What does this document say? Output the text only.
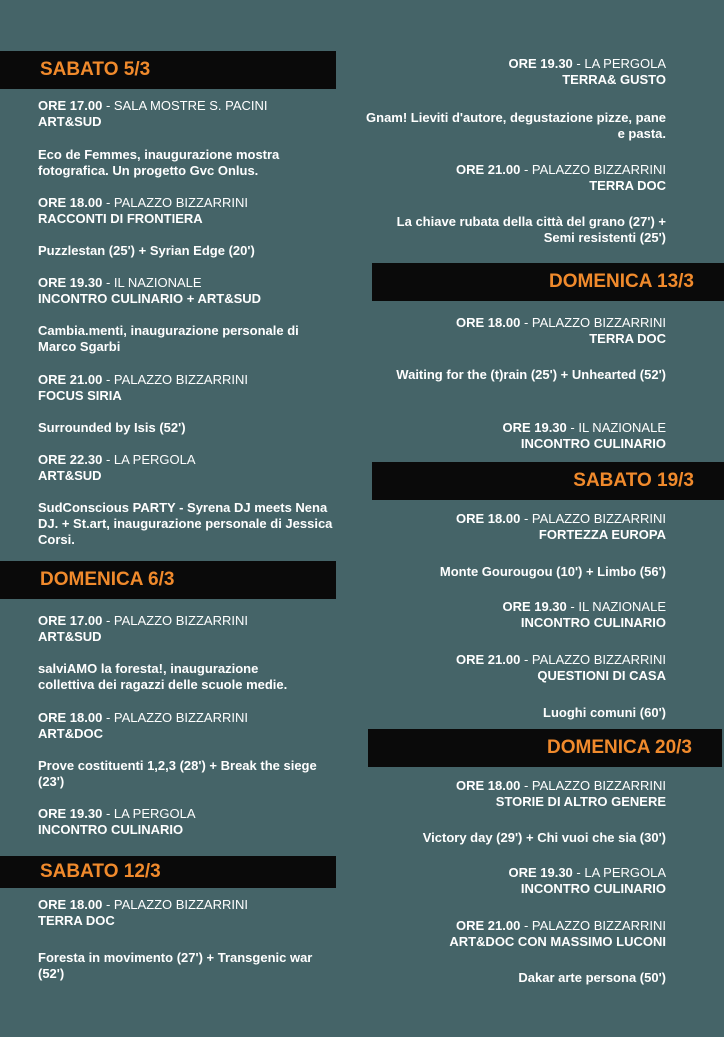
SABATO 5/3
ORE 17.00 - SALA MOSTRE S. PACINI
ART&SUD
Eco de Femmes, inaugurazione mostra fotografica. Un progetto Gvc Onlus.
ORE 18.00 - PALAZZO BIZZARRINI
RACCONTI DI FRONTIERA
Puzzlestan (25') + Syrian Edge (20')
ORE 19.30 - IL NAZIONALE
INCONTRO CULINARIO + ART&SUD
Cambia.menti, inaugurazione personale di Marco Sgarbi
ORE 21.00 - PALAZZO BIZZARRINI
FOCUS SIRIA
Surrounded by Isis (52')
ORE 22.30 - LA PERGOLA
ART&SUD
SudConscious PARTY - Syrena DJ meets Nena DJ. + St.art, inaugurazione personale di Jessica Corsi.
DOMENICA 6/3
ORE 17.00 - PALAZZO BIZZARRINI
ART&SUD
salviAMO la foresta!, inaugurazione collettiva dei ragazzi delle scuole medie.
ORE 18.00 - PALAZZO BIZZARRINI
ART&DOC
Prove costituenti 1,2,3 (28') + Break the siege (23')
ORE 19.30 - LA PERGOLA
INCONTRO CULINARIO
SABATO 12/3
ORE 18.00 - PALAZZO BIZZARRINI
TERRA DOC
Foresta in movimento (27') + Transgenic war (52')
ORE 19.30 - LA PERGOLA
TERRA& GUSTO
Gnam! Lieviti d'autore, degustazione pizze, pane e pasta.
ORE 21.00 - PALAZZO BIZZARRINI
TERRA DOC
La chiave rubata della città del grano (27') + Semi resistenti (25')
DOMENICA 13/3
ORE 18.00 - PALAZZO BIZZARRINI
TERRA DOC
Waiting for the (t)rain (25') + Unhearted (52')
ORE 19.30 - IL NAZIONALE
INCONTRO CULINARIO
SABATO 19/3
ORE 18.00 - PALAZZO BIZZARRINI
FORTEZZA EUROPA
Monte Gourougou (10') + Limbo (56')
ORE 19.30 - IL NAZIONALE
INCONTRO CULINARIO
ORE 21.00 - PALAZZO BIZZARRINI
QUESTIONI DI CASA
Luoghi comuni (60')
DOMENICA 20/3
ORE 18.00 - PALAZZO BIZZARRINI
STORIE DI ALTRO GENERE
Victory day (29') + Chi vuoi che sia (30')
ORE 19.30 - LA PERGOLA
INCONTRO CULINARIO
ORE 21.00 - PALAZZO BIZZARRINI
ART&DOC CON MASSIMO LUCONI
Dakar arte persona (50')
